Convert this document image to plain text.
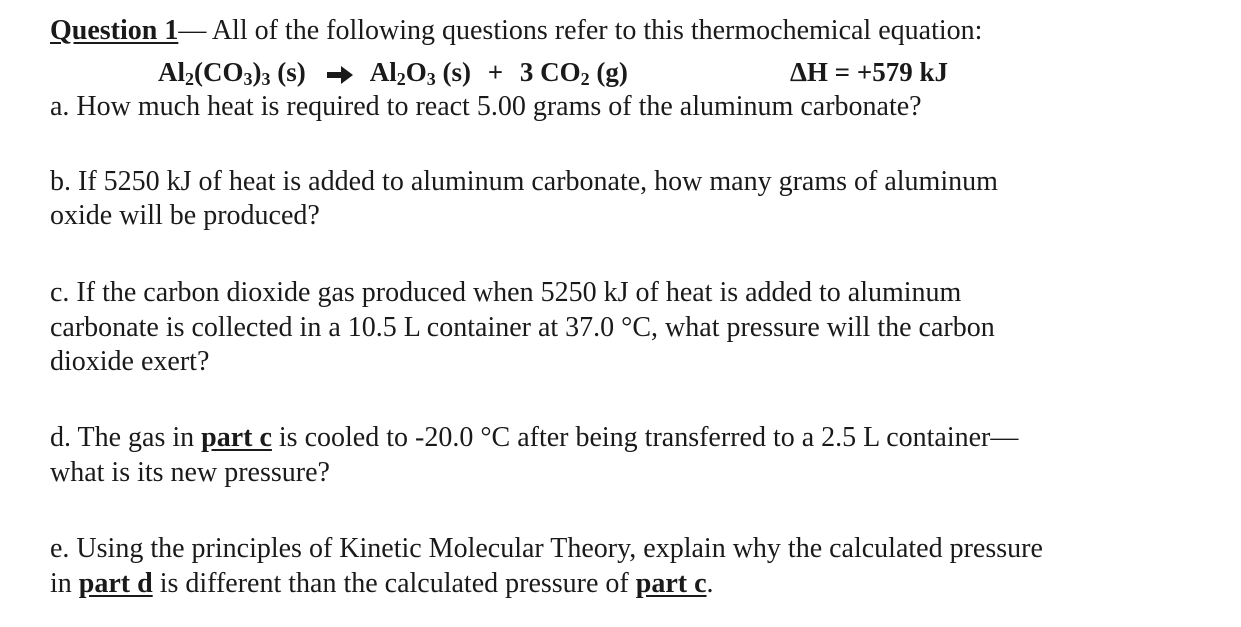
Question 1— All of the following questions refer to this thermochemical equation:
$Al_2(CO_3)_3$ (s) $Al_2O_3$ (s) + 3 $CO_2$ (g)	ΔH = +579 kJ
a. How much heat is required to react 5.00 grams of the aluminum carbonate?
b. If 5250 kJ of heat is added to aluminum carbonate, how many grams of aluminum
oxide will be produced?
c. If the carbon dioxide gas produced when 5250 kJ of heat is added to aluminum
carbonate is collected in a 10.5 L container at 37.0 °C, what pressure will the carbon
dioxide exert?
d. The gas in part c is cooled to -20.0 °C after being transferred to a 2.5 L container—
what is its new pressure?
e. Using the principles of Kinetic Molecular Theory, explain why the calculated pressure
in part d is different than the calculated pressure of part c.
